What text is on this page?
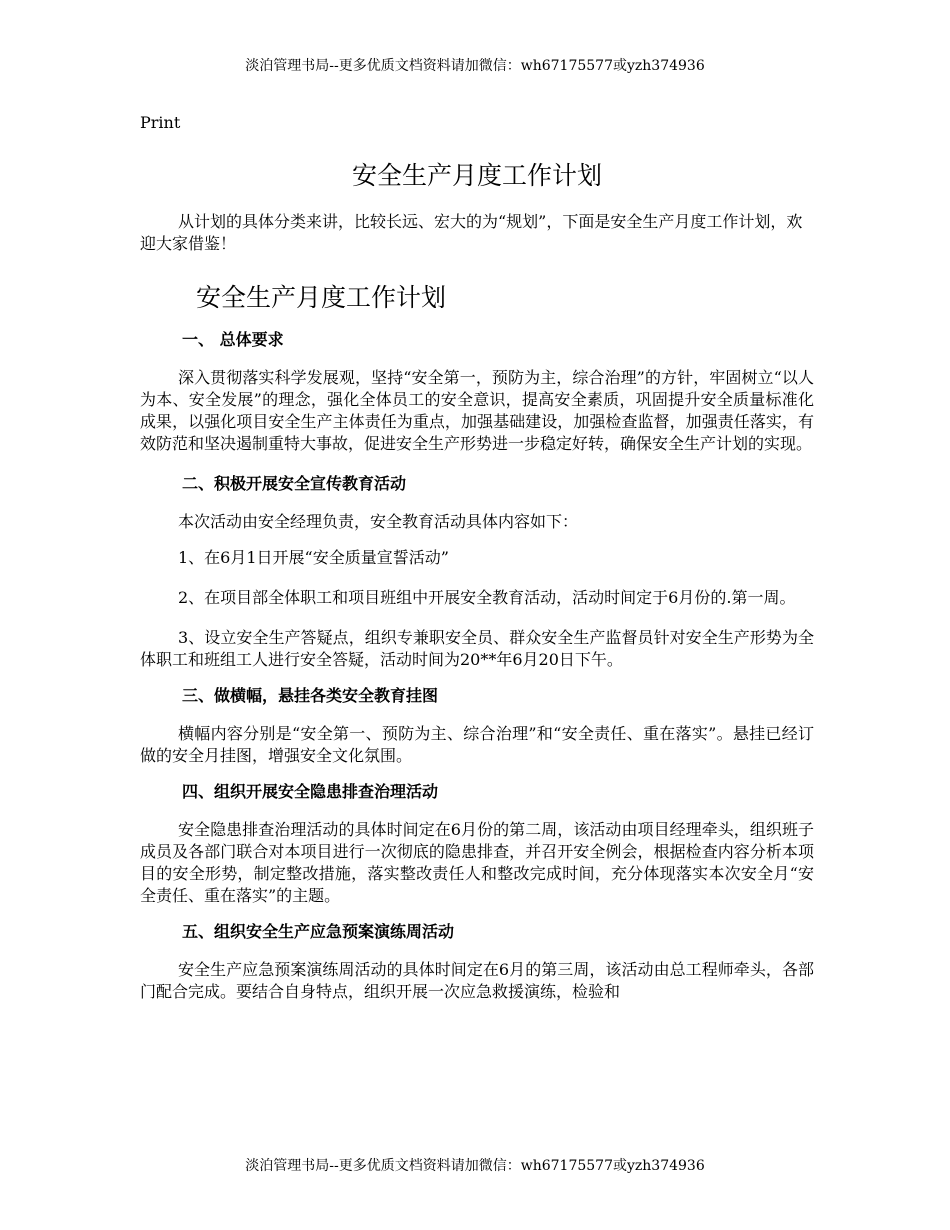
淡泊管理书局--更多优质文档资料请加微信：wh67175577或yzh374936
Print
安全生产月度工作计划

从计划的具体分类来讲，比较长远、宏大的为“规划”，下面是安全生产月度工作计划，欢迎大家借鉴！

安全生产月度工作计划
一、 总体要求

深入贯彻落实科学发展观，坚持“安全第一，预防为主，综合治理”的方针，牢固树立“以人为本、安全发展”的理念，强化全体员工的安全意识，提高安全素质，巩固提升安全质量标准化成果，以强化项目安全生产主体责任为重点，加强基础建设，加强检查监督，加强责任落实，有效防范和坚决遏制重特大事故，促进安全生产形势进一步稳定好转，确保安全生产计划的实现。

二、积极开展安全宣传教育活动

本次活动由安全经理负责，安全教育活动具体内容如下：

1、在6月1日开展“安全质量宣誓活动”

2、在项目部全体职工和项目班组中开展安全教育活动，活动时间定于6月份的.第一周。

3、设立安全生产答疑点，组织专兼职安全员、群众安全生产监督员针对安全生产形势为全体职工和班组工人进行安全答疑，活动时间为20**年6月20日下午。

三、做横幅，悬挂各类安全教育挂图

横幅内容分别是“安全第一、预防为主、综合治理”和“安全责任、重在落实”。悬挂已经订做的安全月挂图，增强安全文化氛围。

四、组织开展安全隐患排查治理活动

安全隐患排查治理活动的具体时间定在6月份的第二周，该活动由项目经理牵头，组织班子成员及各部门联合对本项目进行一次彻底的隐患排查，并召开安全例会，根据检查内容分析本项目的安全形势，制定整改措施，落实整改责任人和整改完成时间，充分体现落实本次安全月“安全责任、重在落实”的主题。

五、组织安全生产应急预案演练周活动

安全生产应急预案演练周活动的具体时间定在6月的第三周，该活动由总工程师牵头，各部门配合完成。要结合自身特点，组织开展一次应急救援演练，检验和

淡泊管理书局--更多优质文档资料请加微信：wh67175577或yzh374936
